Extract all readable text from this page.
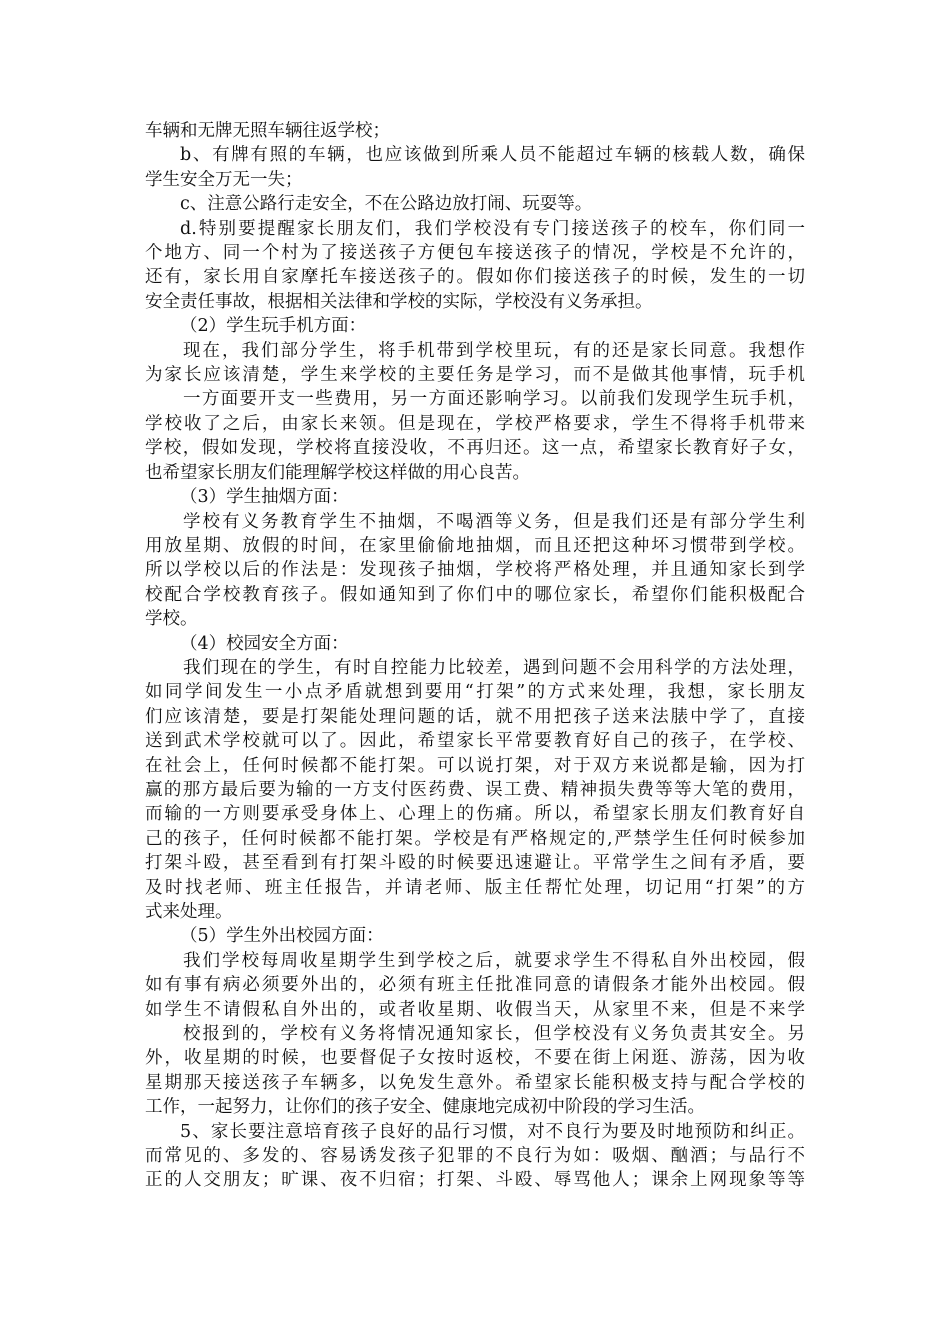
车辆和无牌无照车辆往返学校；
b、有牌有照的车辆，也应该做到所乘人员不能超过车辆的核载人数，确保
学生安全万无一失；
c、注意公路行走安全，不在公路边放打闹、玩耍等。
d.特别要提醒家长朋友们，我们学校没有专门接送孩子的校车，你们同一
个地方、同一个村为了接送孩子方便包车接送孩子的情况，学校是不允许的，
还有，家长用自家摩托车接送孩子的。假如你们接送孩子的时候，发生的一切
安全责任事故，根据相关法律和学校的实际，学校没有义务承担。
（2）学生玩手机方面：
现在，我们部分学生，将手机带到学校里玩，有的还是家长同意。我想作
为家长应该清楚，学生来学校的主要任务是学习，而不是做其他事情，玩手机
一方面要开支一些费用，另一方面还影响学习。以前我们发现学生玩手机，
学校收了之后，由家长来领。但是现在，学校严格要求，学生不得将手机带来
学校，假如发现，学校将直接没收，不再归还。这一点，希望家长教育好子女，
也希望家长朋友们能理解学校这样做的用心良苦。
（3）学生抽烟方面：
学校有义务教育学生不抽烟，不喝酒等义务，但是我们还是有部分学生利
用放星期、放假的时间，在家里偷偷地抽烟，而且还把这种坏习惯带到学校。
所以学校以后的作法是：发现孩子抽烟，学校将严格处理，并且通知家长到学
校配合学校教育孩子。假如通知到了你们中的哪位家长，希望你们能积极配合
学校。
（4）校园安全方面：
我们现在的学生，有时自控能力比较差，遇到问题不会用科学的方法处理，
如同学间发生一小点矛盾就想到要用“打架”的方式来处理，我想，家长朋友
们应该清楚，要是打架能处理问题的话，就不用把孩子送来法脿中学了，直接
送到武术学校就可以了。因此，希望家长平常要教育好自己的孩子，在学校、
在社会上，任何时候都不能打架。可以说打架，对于双方来说都是输，因为打
赢的那方最后要为输的一方支付医药费、误工费、精神损失费等等大笔的费用，
而输的一方则要承受身体上、心理上的伤痛。所以，希望家长朋友们教育好自
己的孩子，任何时候都不能打架。学校是有严格规定的,严禁学生任何时候参加
打架斗殴，甚至看到有打架斗殴的时候要迅速避让。平常学生之间有矛盾，要
及时找老师、班主任报告，并请老师、版主任帮忙处理，切记用“打架”的方
式来处理。
（5）学生外出校园方面：
我们学校每周收星期学生到学校之后，就要求学生不得私自外出校园，假
如有事有病必须要外出的，必须有班主任批准同意的请假条才能外出校园。假
如学生不请假私自外出的，或者收星期、收假当天，从家里不来，但是不来学
校报到的，学校有义务将情况通知家长，但学校没有义务负责其安全。另
外，收星期的时候，也要督促子女按时返校，不要在街上闲逛、游荡，因为收
星期那天接送孩子车辆多，以免发生意外。希望家长能积极支持与配合学校的
工作，一起努力，让你们的孩子安全、健康地完成初中阶段的学习生活。
5、家长要注意培育孩子良好的品行习惯，对不良行为要及时地预防和纠正。
而常见的、多发的、容易诱发孩子犯罪的不良行为如：吸烟、酗酒；与品行不
正的人交朋友；旷课、夜不归宿；打架、斗殴、辱骂他人；课余上网现象等等
